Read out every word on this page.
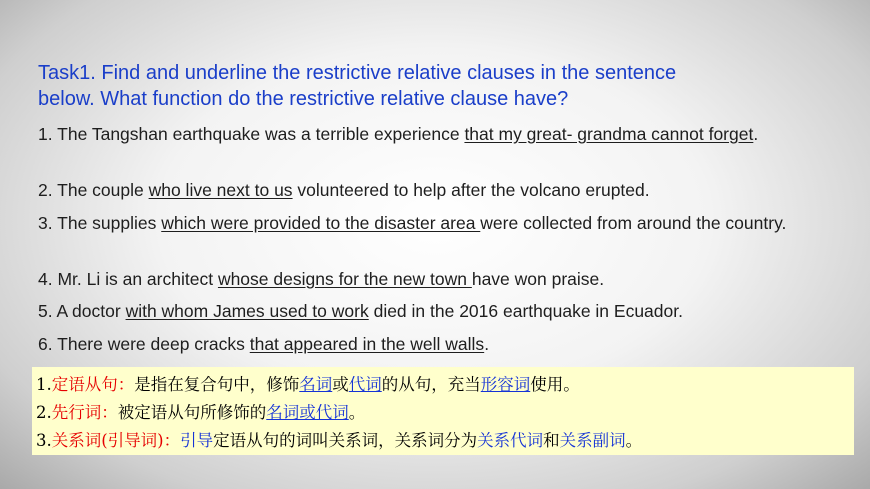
Task1. Find and underline the restrictive relative clauses in the sentence
below. What function do the restrictive relative clause have?
1. The Tangshan earthquake was a terrible experience that my great- grandma cannot forget.
2. The couple who live next to us volunteered to help after the volcano erupted.
3. The supplies which were provided to the disaster area were collected from around the country.
4. Mr. Li is an architect whose designs for the new town have won praise.
5. A doctor with whom James used to work died in the 2016 earthquake in Ecuador.
6. There were deep cracks that appeared in the well walls.
1.定语从句：是指在复合句中，修饰名词或代词的从句，充当形容词使用。
2.先行词：被定语从句所修饰的名词或代词。
3.关系词(引导词)：引导定语从句的词叫关系词，关系词分为关系代词和关系副词。
